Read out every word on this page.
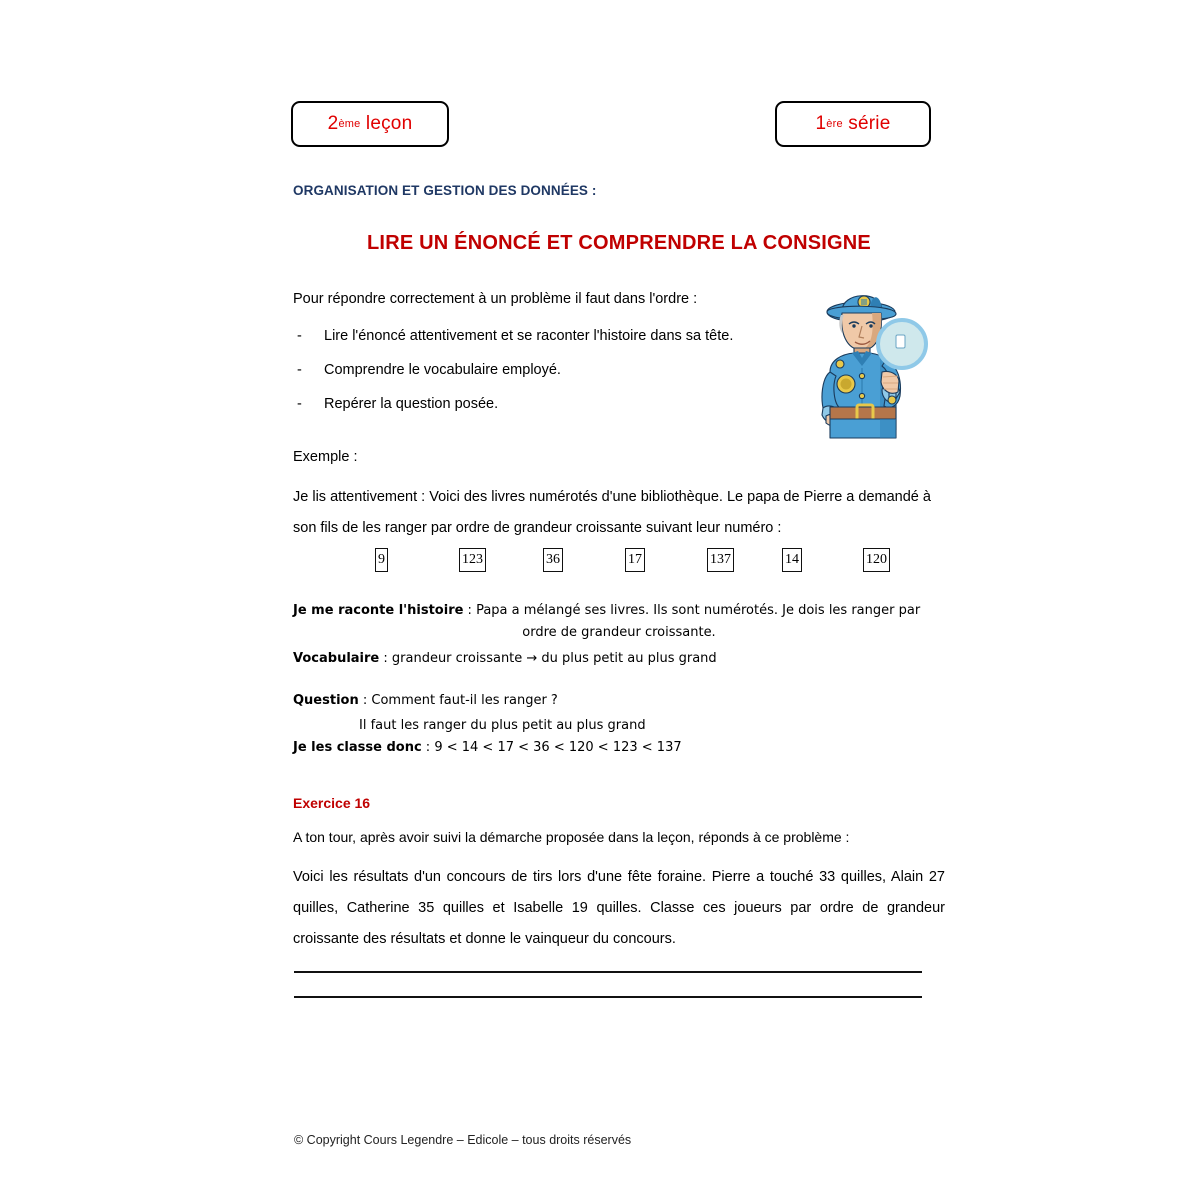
2 ème
leçon	1 ère
série
ORGANISATION ET GESTION DES DONNÉES :
LIRE UN ÉNONCÉ ET COMPRENDRE LA CONSIGNE
Pour répondre correctement à un problème il faut dans l'ordre :
- Lire l'énoncé attentivement et se raconter l'histoire dans sa tête.
- Comprendre le vocabulaire employé.
- Repérer la question posée.
Exemple :
Je lis attentivement : Voici des livres numérotés d'une bibliothèque. Le papa de Pierre a demandé à
son fils de les ranger par ordre de grandeur croissante suivant leur numéro :
9	123	36	17	137	14	120
Je me raconte l'histoire : Papa a mélangé ses livres. Ils sont numérotés. Je dois les ranger par
ordre de grandeur croissante.
Vocabulaire : grandeur croissante → du plus petit au plus grand
Question : Comment faut-il les ranger ?
Il faut les ranger du plus petit au plus grand
Je les classe donc : 9 < 14 < 17 < 36 < 120 < 123 < 137
Exercice 16
A ton tour, après avoir suivi la démarche proposée dans la leçon, réponds à ce problème :
Voici les résultats d'un concours de tirs lors d'une fête foraine. Pierre a touché 33 quilles, Alain 27 quilles, Catherine 35 quilles et Isabelle 19 quilles. Classe ces joueurs par ordre de grandeur croissante des résultats et donne le vainqueur du concours.
© Copyright Cours Legendre – Edicole – tous droits réservés
